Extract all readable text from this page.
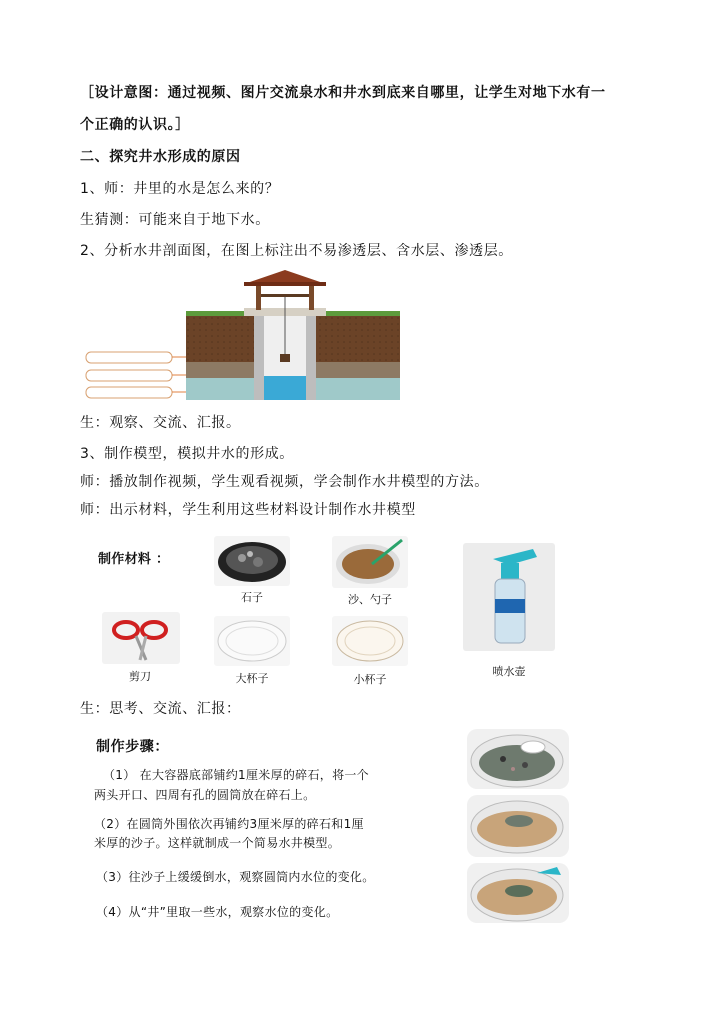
［设计意图：通过视频、图片交流泉水和井水到底来自哪里，让学生对地下水有一
个正确的认识。］
二、探究井水形成的原因
1、师：井里的水是怎么来的？
生猜测：可能来自于地下水。
2、分析水井剖面图，在图上标注出不易渗透层、含水层、渗透层。
生：观察、交流、汇报。
3、制作模型，模拟井水的形成。
师：播放制作视频，学生观看视频，学会制作水井模型的方法。
师：出示材料，学生利用这些材料设计制作水井模型
制作材料 ：
石子	沙、勺子
喷水壶
剪刀	大杯子	小杯子
生：思考、交流、汇报：
制作步骤：
（1） 在大容器底部铺约1厘米厚的碎石，将一个
两头开口、四周有孔的圆筒放在碎石上。
（2）在圆筒外围依次再铺约3厘米厚的碎石和1厘
米厚的沙子。这样就制成一个简易水井模型。
（3）往沙子上缓缓倒水，观察圆筒内水位的变化。
（4）从“井”里取一些水，观察水位的变化。
